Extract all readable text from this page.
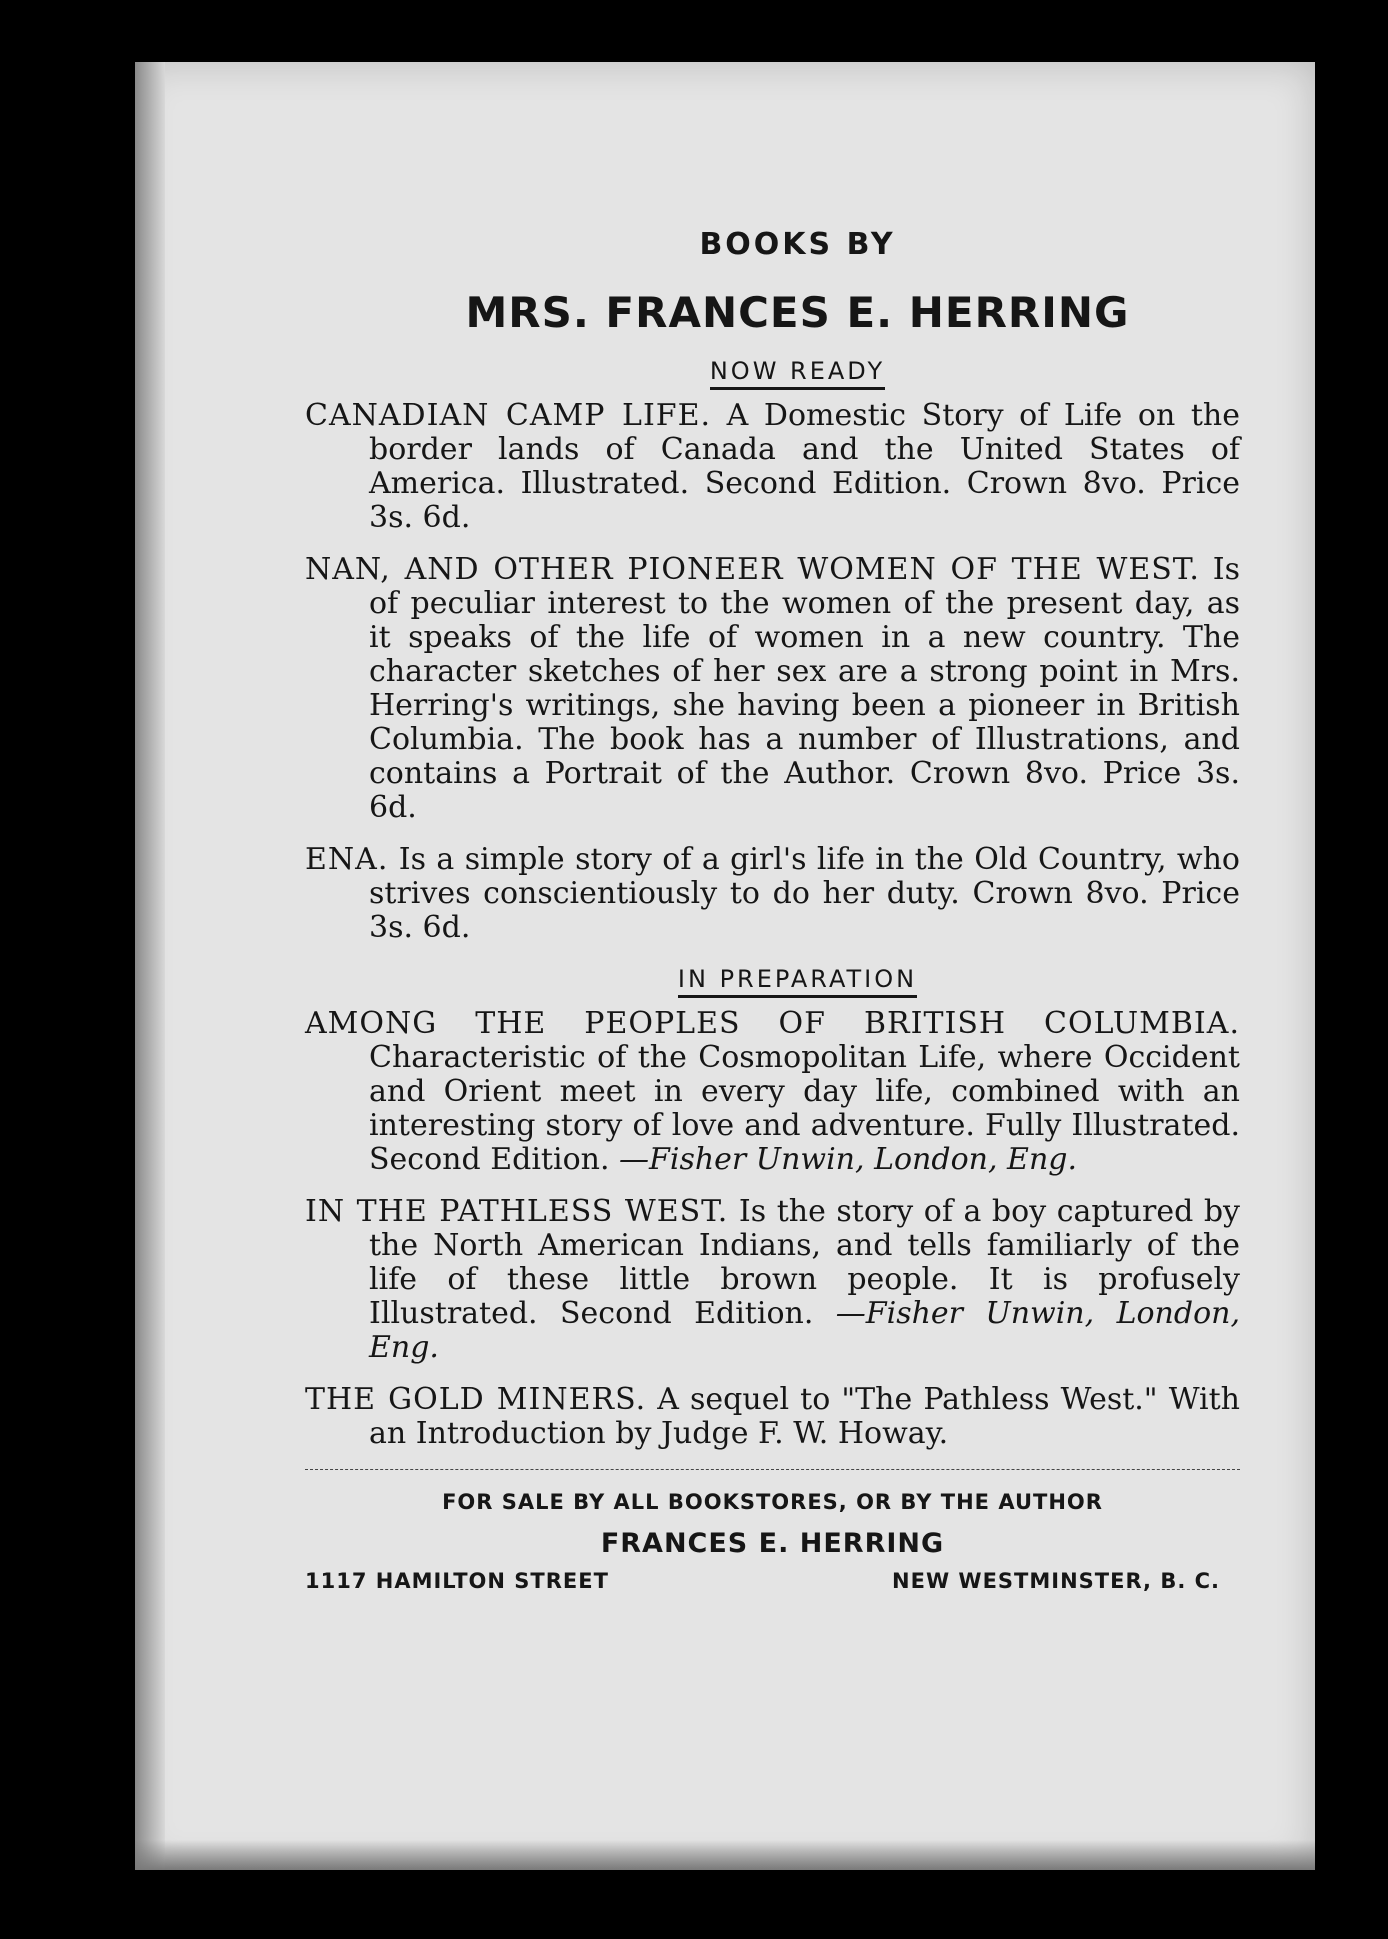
BOOKS BY

MRS. FRANCES E. HERRING

NOW READY

CANADIAN CAMP LIFE. A Domestic Story of Life on the border lands of Canada and the United States of America. Illustrated. Second Edition. Crown 8vo. Price 3s. 6d.

NAN, AND OTHER PIONEER WOMEN OF THE WEST. Is of peculiar interest to the women of the present day, as it speaks of the life of women in a new country. The character sketches of her sex are a strong point in Mrs. Herring's writings, she having been a pioneer in British Columbia. The book has a number of Illustrations, and contains a Portrait of the Author. Crown 8vo. Price 3s. 6d.

ENA. Is a simple story of a girl's life in the Old Country, who strives conscientiously to do her duty. Crown 8vo. Price 3s. 6d.

IN PREPARATION

AMONG THE PEOPLES OF BRITISH COLUMBIA. Characteristic of the Cosmopolitan Life, where Occident and Orient meet in every day life, combined with an interesting story of love and adventure. Fully Illustrated. Second Edition. —Fisher Unwin, London, Eng.

IN THE PATHLESS WEST. Is the story of a boy captured by the North American Indians, and tells familiarly of the life of these little brown people. It is profusely Illustrated. Second Edition. —Fisher Unwin, London, Eng.

THE GOLD MINERS. A sequel to "The Pathless West." With an Introduction by Judge F. W. Howay.

FOR SALE BY ALL BOOKSTORES, OR BY THE AUTHOR

FRANCES E. HERRING

1117 HAMILTON STREET	NEW WESTMINSTER, B. C.
